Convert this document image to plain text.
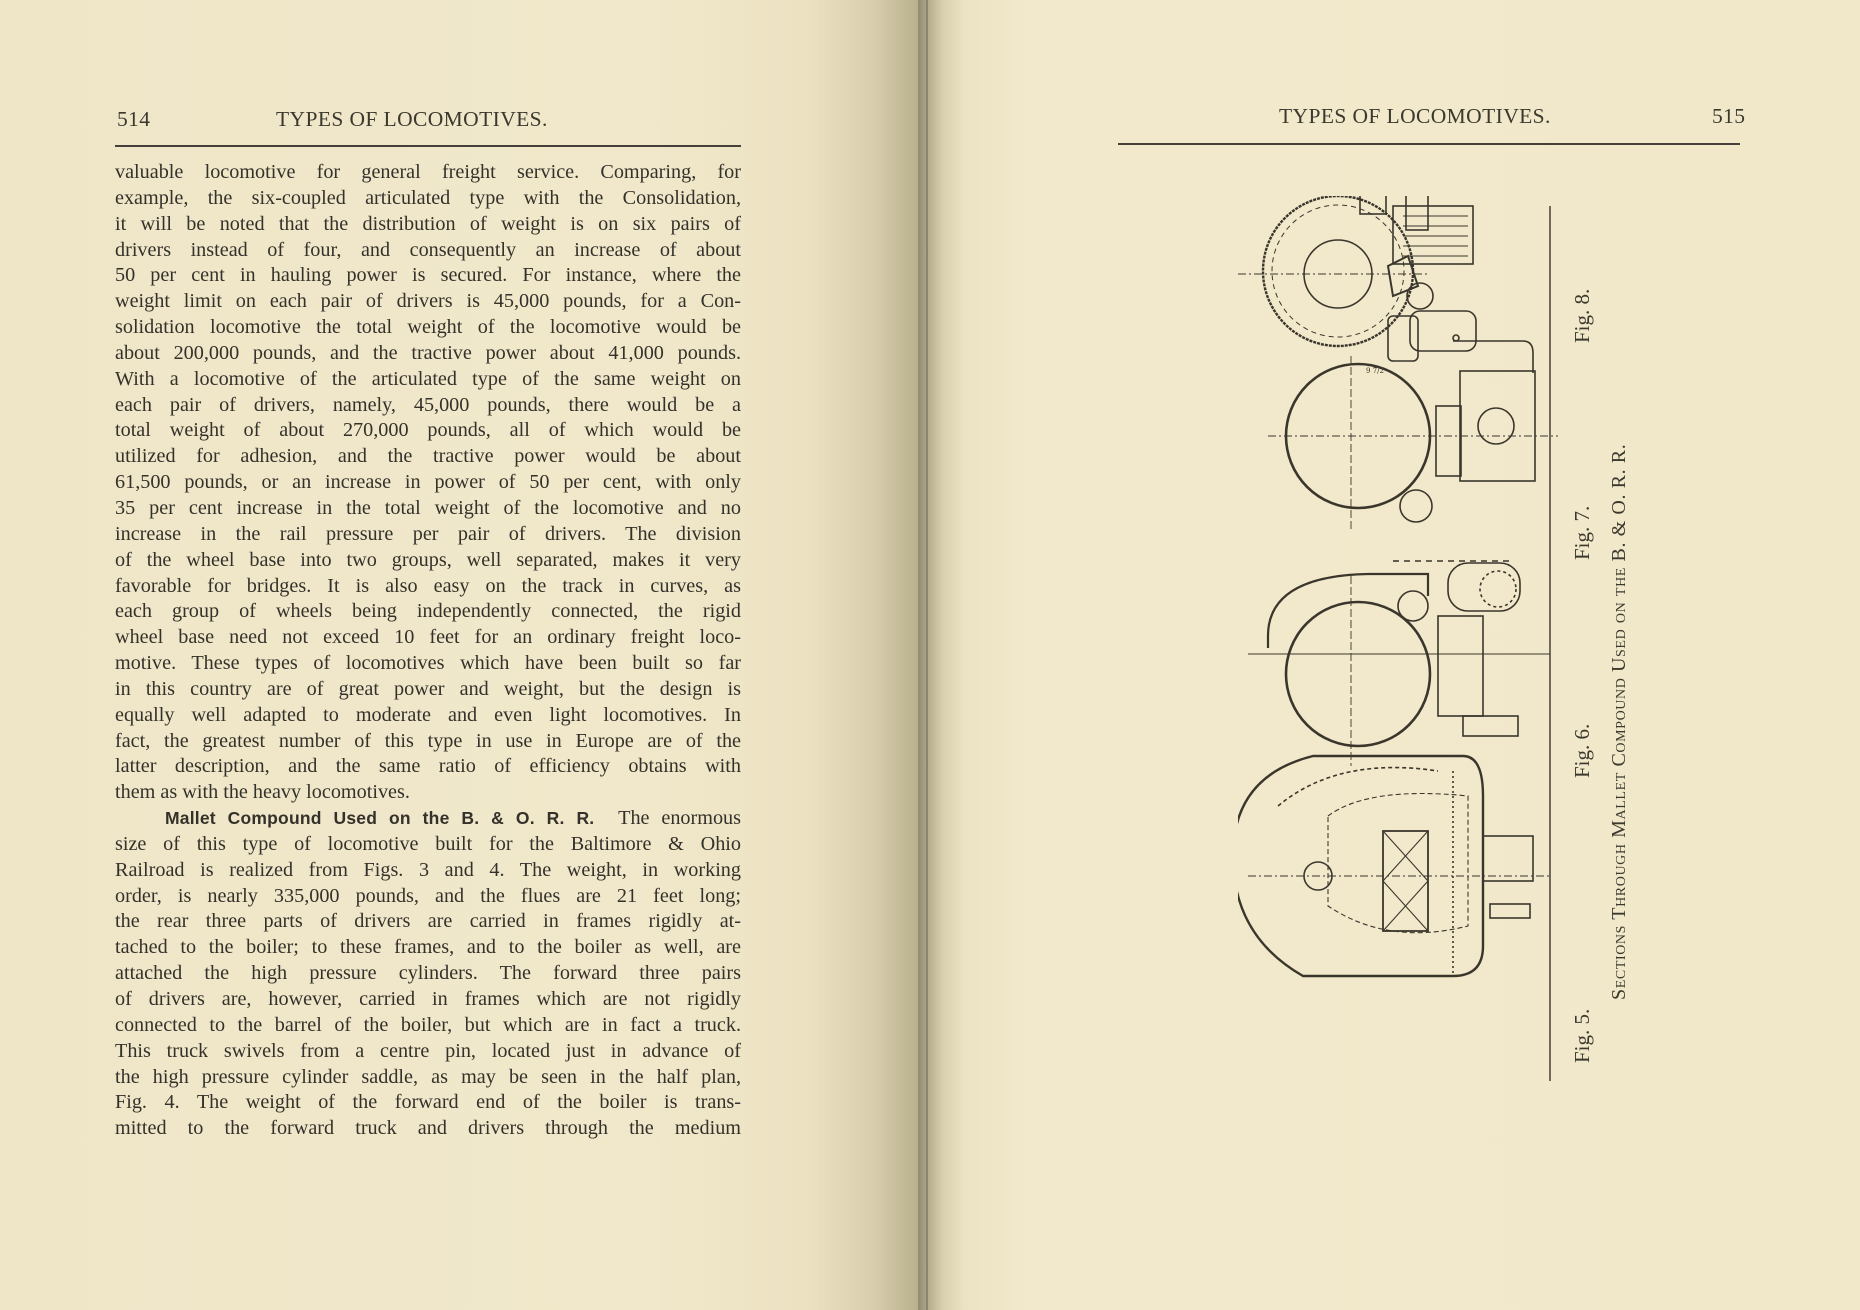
514	TYPES OF LOCOMOTIVES.
valuable locomotive for general freight service. Comparing, for
example, the six-coupled articulated type with the Consolidation,
it will be noted that the distribution of weight is on six pairs of
drivers instead of four, and consequently an increase of about
50 per cent in hauling power is secured. For instance, where the
weight limit on each pair of drivers is 45,000 pounds, for a Con-
solidation locomotive the total weight of the locomotive would be
about 200,000 pounds, and the tractive power about 41,000 pounds.
With a locomotive of the articulated type of the same weight on
each pair of drivers, namely, 45,000 pounds, there would be a
total weight of about 270,000 pounds, all of which would be
utilized for adhesion, and the tractive power would be about
61,500 pounds, or an increase in power of 50 per cent, with only
35 per cent increase in the total weight of the locomotive and no
increase in the rail pressure per pair of drivers. The division
of the wheel base into two groups, well separated, makes it very
favorable for bridges. It is also easy on the track in curves, as
each group of wheels being independently connected, the rigid
wheel base need not exceed 10 feet for an ordinary freight loco-
motive. These types of locomotives which have been built so far
in this country are of great power and weight, but the design is
equally well adapted to moderate and even light locomotives. In
fact, the greatest number of this type in use in Europe are of the
latter description, and the same ratio of efficiency obtains with
them as with the heavy locomotives.
Mallet Compound Used on the B. & O. R. R. The enormous
size of this type of locomotive built for the Baltimore & Ohio
Railroad is realized from Figs. 3 and 4. The weight, in working
order, is nearly 335,000 pounds, and the flues are 21 feet long;
the rear three parts of drivers are carried in frames rigidly at-
tached to the boiler; to these frames, and to the boiler as well, are
attached the high pressure cylinders. The forward three pairs
of drivers are, however, carried in frames which are not rigidly
connected to the barrel of the boiler, but which are in fact a truck.
This truck swivels from a centre pin, located just in advance of
the high pressure cylinder saddle, as may be seen in the half plan,
Fig. 4. The weight of the forward end of the boiler is trans-
mitted to the forward truck and drivers through the medium
TYPES OF LOCOMOTIVES.	515
9 7/2
Fig. 5.
Fig. 6.
Fig. 7.
Fig. 8.
Sections Through Mallet Compound Used on the B. & O. R. R.
